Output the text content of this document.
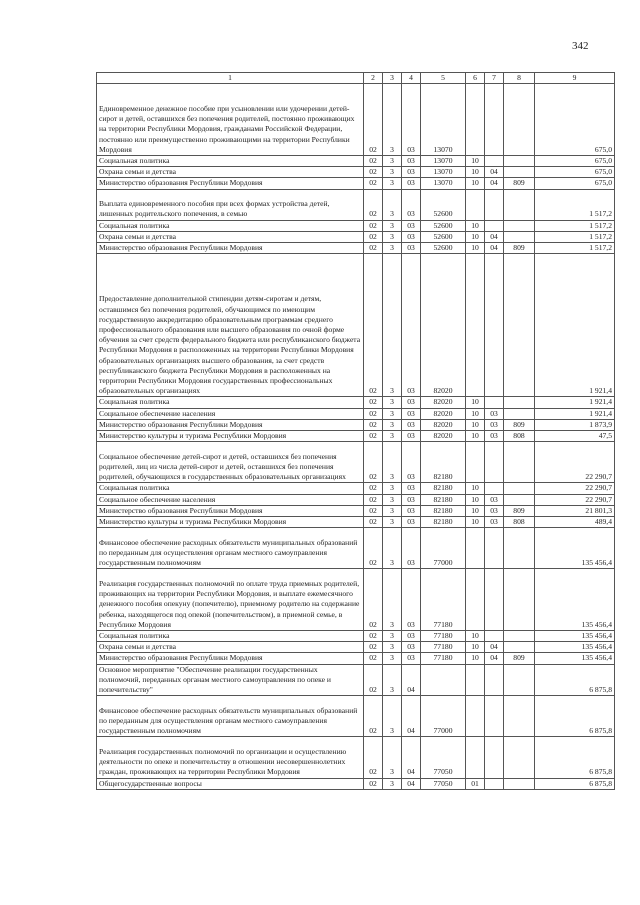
342
1	2	3	4	5	6	7	8	9
Единовременное денежное пособие при усыновлении или удочерении детей-сирот и детей, оставшихся без попечения родителей, постоянно проживающих на территории Республики Мордовия, гражданами Российской Федерации, постоянно или преимущественно проживающими на территории Республики Мордовия	02	3	03	13070				675,0
Социальная политика	02	3	03	13070	10			675,0
Охрана семьи и детства	02	3	03	13070	10	04		675,0
Министерство образования Республики Мордовия	02	3	03	13070	10	04	809	675,0
Выплата единовременного пособия при всех формах устройства детей, лишенных родительского попечения, в семью	02	3	03	52600				1 517,2
Социальная политика	02	3	03	52600	10			1 517,2
Охрана семьи и детства	02	3	03	52600	10	04		1 517,2
Министерство образования Республики Мордовия	02	3	03	52600	10	04	809	1 517,2
Предоставление дополнительной стипендии детям-сиротам и детям, оставшимся без попечения родителей, обучающимся по имеющим государственную аккредитацию образовательным программам среднего профессионального образования или высшего образования по очной форме обучения за счет средств федерального бюджета или республиканского бюджета Республики Мордовия в расположенных на территории Республики Мордовия образовательных организациях высшего образования, за счет средств республиканского бюджета Республики Мордовия в расположенных на территории Республики Мордовия государственных профессиональных образовательных организациях	02	3	03	82020				1 921,4
Социальная политика	02	3	03	82020	10			1 921,4
Социальное обеспечение населения	02	3	03	82020	10	03		1 921,4
Министерство образования Республики Мордовия	02	3	03	82020	10	03	809	1 873,9
Министерство культуры и туризма Республики Мордовия	02	3	03	82020	10	03	808	47,5
Социальное обеспечение детей-сирот и детей, оставшихся без попечения родителей, лиц из числа детей-сирот и детей, оставшихся без попечения родителей, обучающихся в государственных образовательных организациях	02	3	03	82180				22 290,7
Социальная политика	02	3	03	82180	10			22 290,7
Социальное обеспечение населения	02	3	03	82180	10	03		22 290,7
Министерство образования Республики Мордовия	02	3	03	82180	10	03	809	21 801,3
Министерство культуры и туризма Республики Мордовия	02	3	03	82180	10	03	808	489,4
Финансовое обеспечение расходных обязательств муниципальных образований по переданным для осуществления органам местного самоуправления государственным полномочиям	02	3	03	77000				135 456,4
Реализация государственных полномочий по оплате труда приемных родителей, проживающих на территории Республики Мордовия, и выплате ежемесячного денежного пособия опекуну (попечителю), приемному родителю на содержание ребенка, находящегося под опекой (попечительством), в приемной семье, в Республике Мордовия	02	3	03	77180				135 456,4
Социальная политика	02	3	03	77180	10			135 456,4
Охрана семьи и детства	02	3	03	77180	10	04		135 456,4
Министерство образования Республики Мордовия	02	3	03	77180	10	04	809	135 456,4
Основное мероприятие "Обеспечение реализации государственных полномочий, переданных органам местного самоуправления по опеке и попечительству"	02	3	04					6 875,8
Финансовое обеспечение расходных обязательств муниципальных образований по переданным для осуществления органам местного самоуправления государственным полномочиям	02	3	04	77000				6 875,8
Реализация государственных полномочий по организации и осуществлению деятельности по опеке и попечительству в отношении несовершеннолетних граждан, проживающих на территории Республики Мордовия	02	3	04	77050				6 875,8
Общегосударственные вопросы	02	3	04	77050	01			6 875,8
